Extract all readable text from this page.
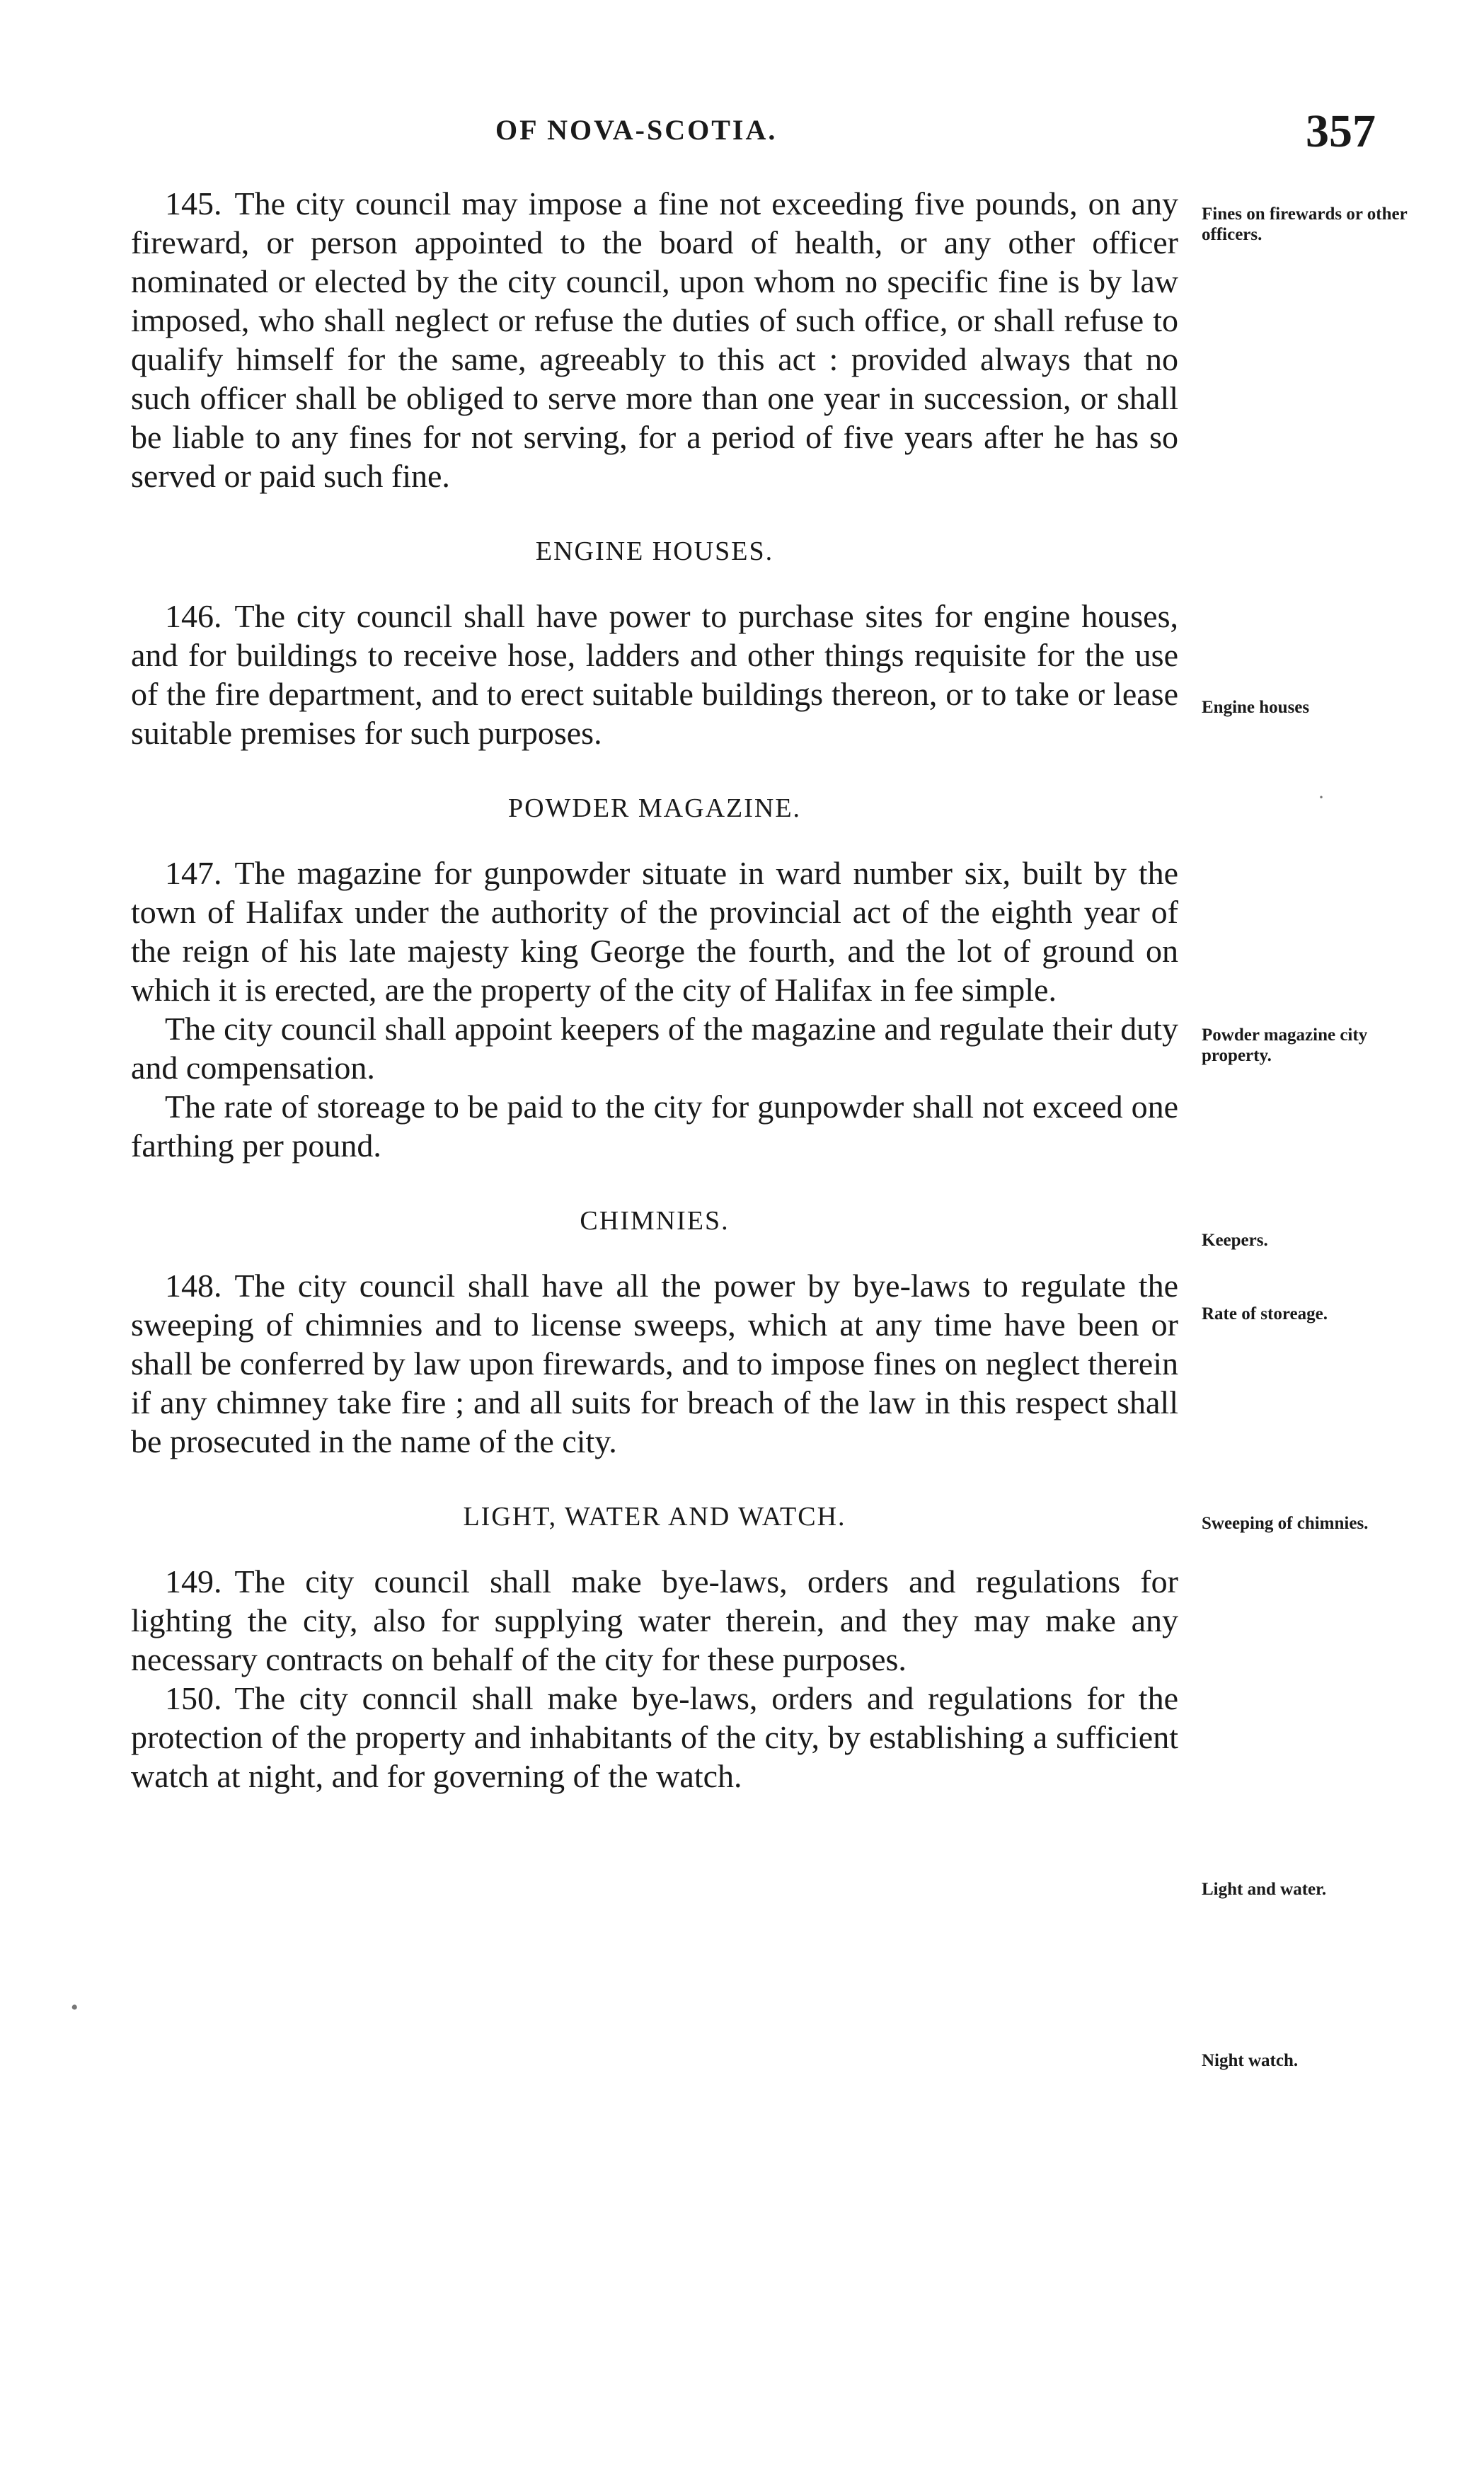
OF NOVA-SCOTIA.	357

145. The city council may impose a fine not exceeding five pounds, on any fireward, or person appointed to the board of health, or any other officer nominated or elected by the city council, upon whom no specific fine is by law imposed, who shall neglect or refuse the duties of such office, or shall refuse to qualify himself for the same, agreeably to this act : provided always that no such officer shall be obliged to serve more than one year in succession, or shall be liable to any fines for not serving, for a period of five years after he has so served or paid such fine.

ENGINE HOUSES.

146. The city council shall have power to purchase sites for engine houses, and for buildings to receive hose, ladders and other things requisite for the use of the fire department, and to erect suitable buildings thereon, or to take or lease suitable premises for such purposes.

POWDER MAGAZINE.

147. The magazine for gunpowder situate in ward number six, built by the town of Halifax under the authority of the provincial act of the eighth year of the reign of his late majesty king George the fourth, and the lot of ground on which it is erected, are the property of the city of Halifax in fee simple.

The city council shall appoint keepers of the magazine and regulate their duty and compensation.

The rate of storeage to be paid to the city for gunpowder shall not exceed one farthing per pound.

CHIMNIES.

148. The city council shall have all the power by bye-laws to regulate the sweeping of chimnies and to license sweeps, which at any time have been or shall be conferred by law upon firewards, and to impose fines on neglect therein if any chimney take fire ; and all suits for breach of the law in this respect shall be prosecuted in the name of the city.

LIGHT, WATER AND WATCH.

149. The city council shall make bye-laws, orders and regulations for lighting the city, also for supplying water therein, and they may make any necessary contracts on behalf of the city for these purposes.

150. The city conncil shall make bye-laws, orders and regulations for the protection of the property and inhabitants of the city, by establishing a sufficient watch at night, and for governing of the watch.

Fines on firewards or other officers.
Engine houses
Powder magazine city property.
Keepers.
Rate of storeage.
Sweeping of chimnies.
Light and water.
Night watch.
·
•
